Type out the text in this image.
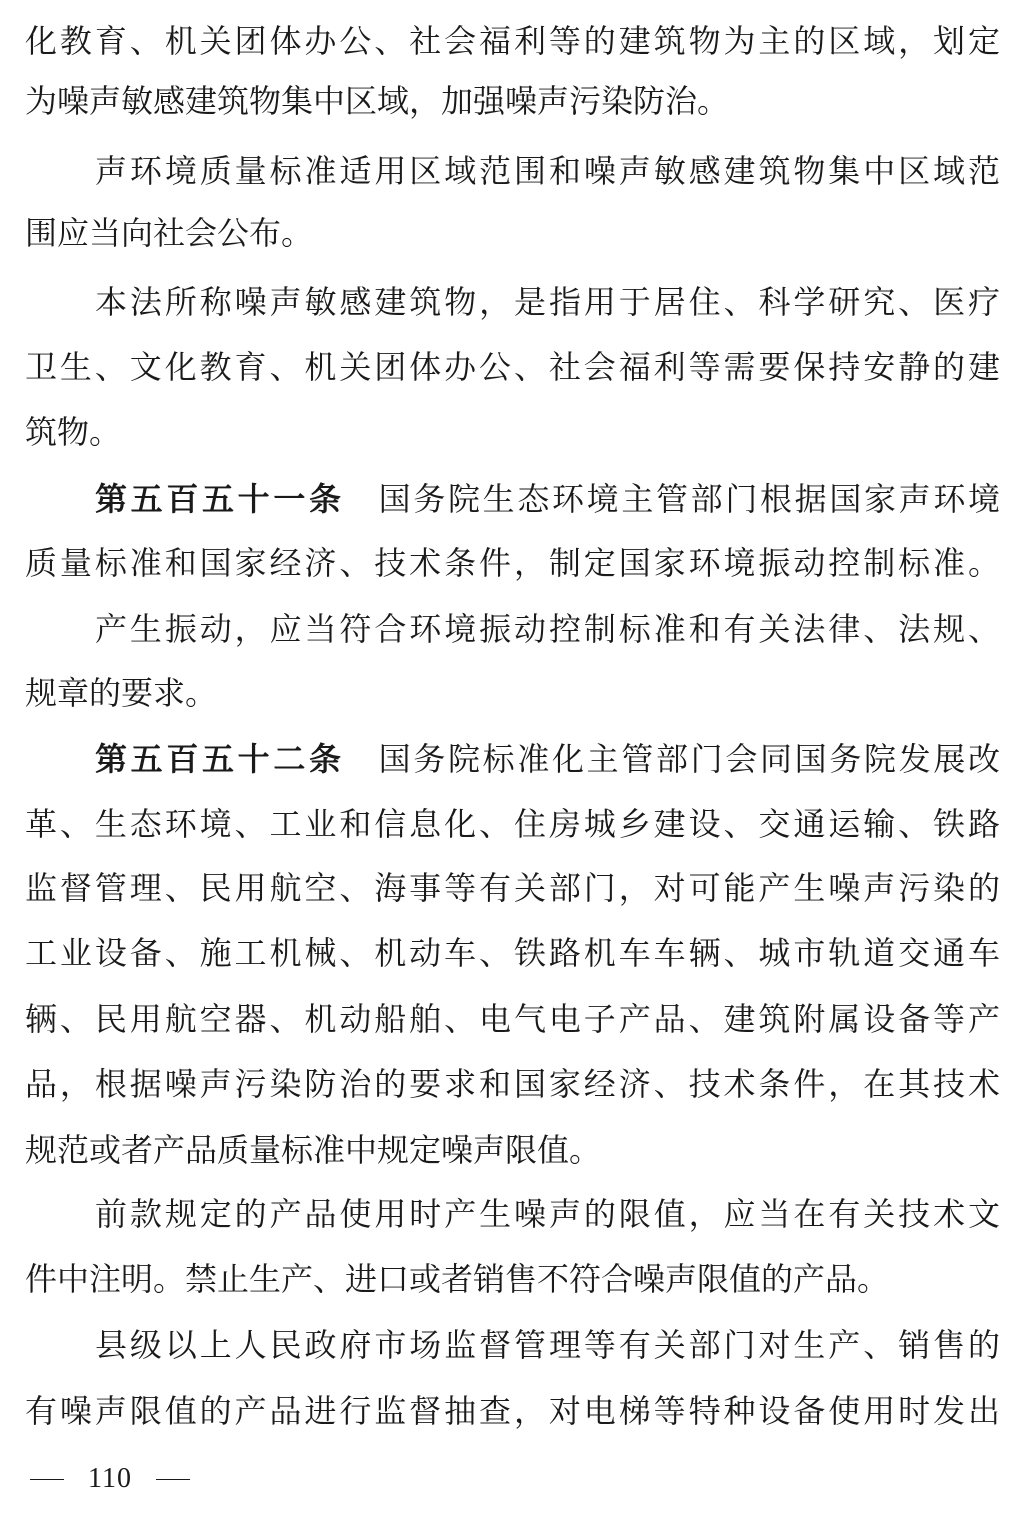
化教育、机关团体办公、社会福利等的建筑物为主的区域，划定
为噪声敏感建筑物集中区域，加强噪声污染防治。
声环境质量标准适用区域范围和噪声敏感建筑物集中区域范
围应当向社会公布。
本法所称噪声敏感建筑物，是指用于居住、科学研究、医疗
卫生、文化教育、机关团体办公、社会福利等需要保持安静的建
筑物。
第五百五十一条 国务院生态环境主管部门根据国家声环境
质量标准和国家经济、技术条件，制定国家环境振动控制标准。
产生振动，应当符合环境振动控制标准和有关法律、法规、
规章的要求。
第五百五十二条 国务院标准化主管部门会同国务院发展改
革、生态环境、工业和信息化、住房城乡建设、交通运输、铁路
监督管理、民用航空、海事等有关部门，对可能产生噪声污染的
工业设备、施工机械、机动车、铁路机车车辆、城市轨道交通车
辆、民用航空器、机动船舶、电气电子产品、建筑附属设备等产
品，根据噪声污染防治的要求和国家经济、技术条件，在其技术
规范或者产品质量标准中规定噪声限值。
前款规定的产品使用时产生噪声的限值，应当在有关技术文
件中注明。禁止生产、进口或者销售不符合噪声限值的产品。
县级以上人民政府市场监督管理等有关部门对生产、销售的
有噪声限值的产品进行监督抽查，对电梯等特种设备使用时发出
110
